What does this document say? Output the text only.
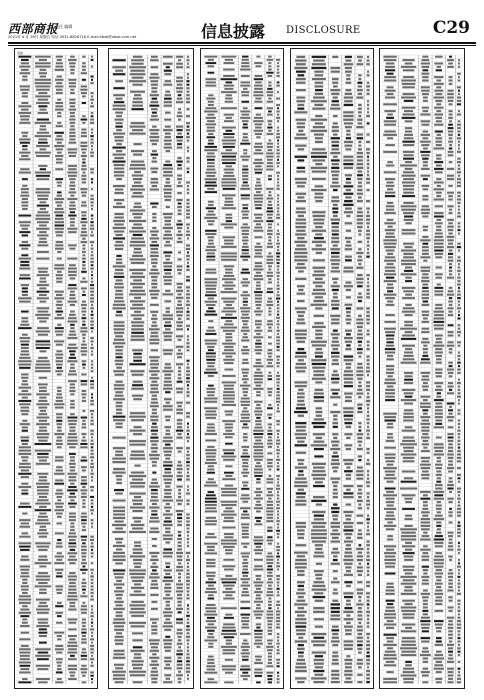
西部商报
责任 编辑
2021年 4 月 16日 星期五 电话 0931-8826716 E-mail:xbsb@xbsb.com.net	信息披露 DISCLOSURE	C29
表格
